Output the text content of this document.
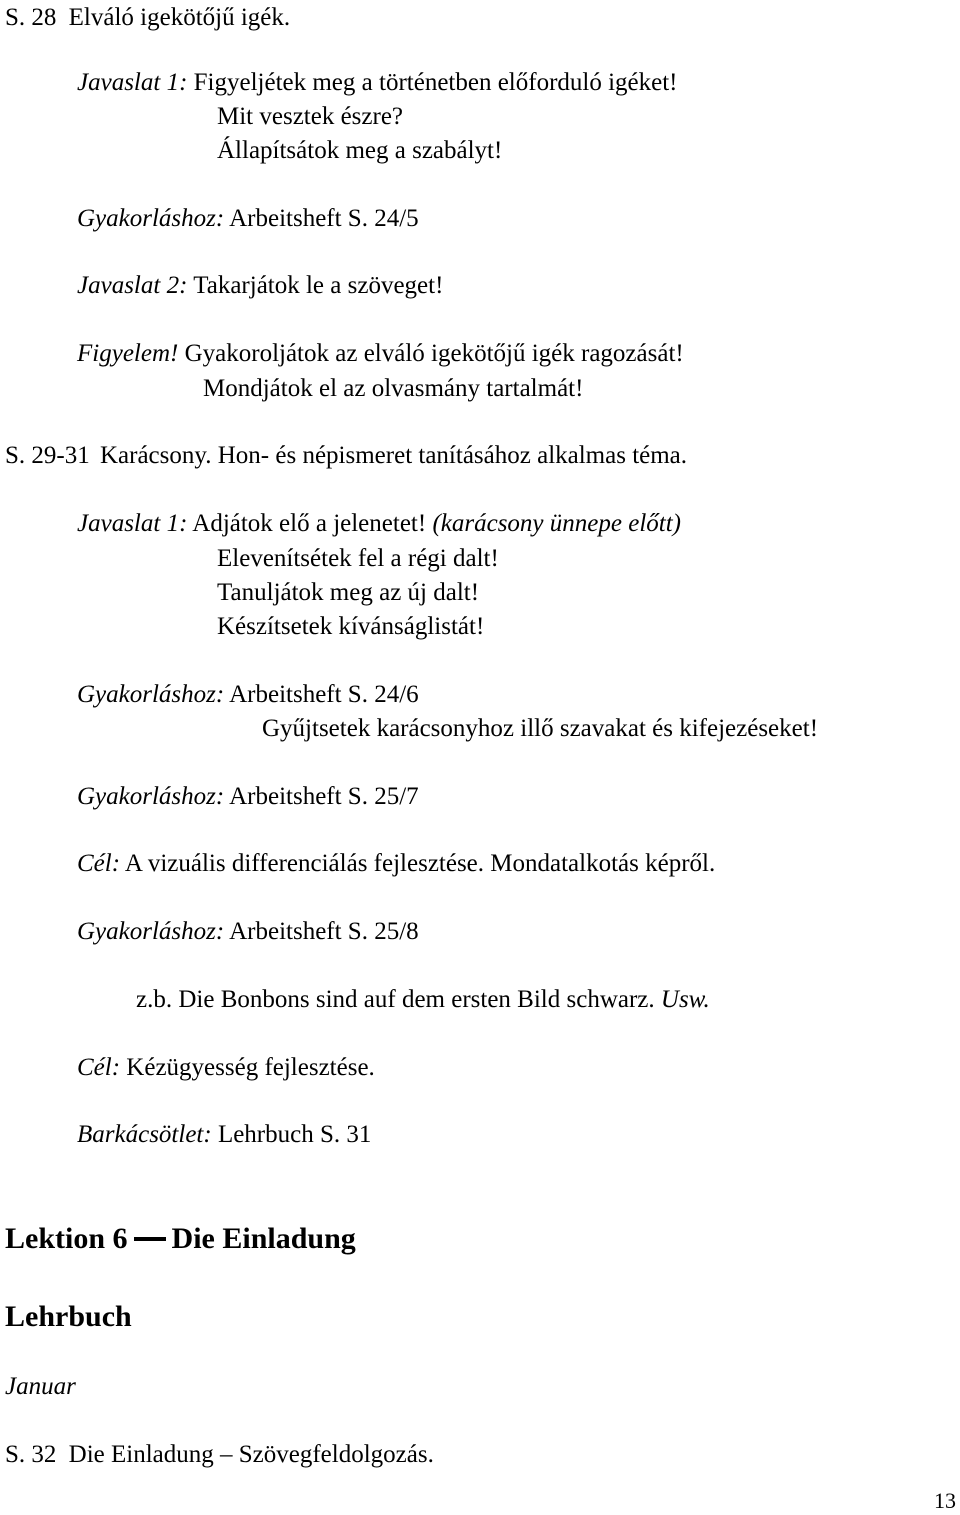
S. 28 Elváló igekötőjű igék.
Javaslat 1: Figyeljétek meg a történetben előforduló igéket!
Mit vesztek észre?
Állapítsátok meg a szabályt!
Gyakorláshoz: Arbeitsheft S. 24/5
Javaslat 2: Takarjátok le a szöveget!
Figyelem! Gyakoroljátok az elváló igekötőjű igék ragozását!
Mondjátok el az olvasmány tartalmát!
S. 29-31 Karácsony. Hon- és népismeret tanításához alkalmas téma.
Javaslat 1: Adjátok elő a jelenetet! (karácsony ünnepe előtt)
Elevenítsétek fel a régi dalt!
Tanuljátok meg az új dalt!
Készítsetek kívánságlistát!
Gyakorláshoz: Arbeitsheft S. 24/6
Gyűjtsetek karácsonyhoz illő szavakat és kifejezéseket!
Gyakorláshoz: Arbeitsheft S. 25/7
Cél: A vizuális differenciálás fejlesztése. Mondatalkotás képről.
Gyakorláshoz: Arbeitsheft S. 25/8
z.b. Die Bonbons sind auf dem ersten Bild schwarz. Usw.
Cél: Kézügyesség fejlesztése.
Barkácsötlet: Lehrbuch S. 31
Lektion 6 Die Einladung
Lehrbuch
Januar
S. 32 Die Einladung – Szövegfeldolgozás.
13
